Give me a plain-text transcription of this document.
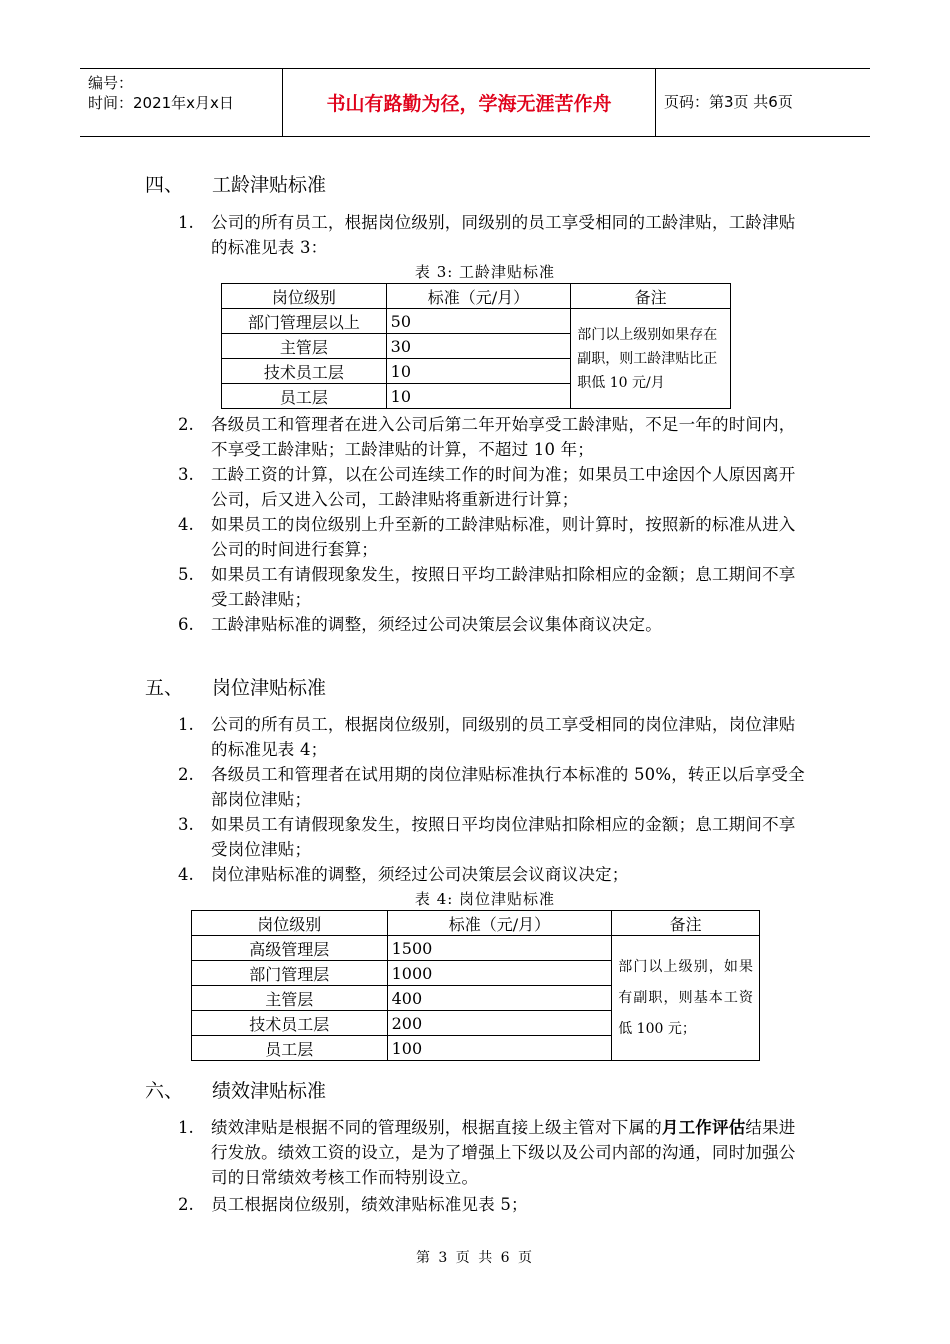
编号：
时间：2021年x月x日	书山有路勤为径，学海无涯苦作舟	页码：第3页 共6页
四、 工龄津贴标准
1. 公司的所有员工，根据岗位级别，同级别的员工享受相同的工龄津贴，工龄津贴的标准见表 3：
表 3: 工龄津贴标准
岗位级别	标准（元/月）	备注
部门管理层以上	50	部门以上级别如果存在副职，则工龄津贴比正职低 10 元/月
主管层	30	
技术员工层	10	
员工层	10	
2. 各级员工和管理者在进入公司后第二年开始享受工龄津贴，不足一年的时间内，不享受工龄津贴；工龄津贴的计算，不超过 10 年；
3. 工龄工资的计算，以在公司连续工作的时间为准；如果员工中途因个人原因离开公司，后又进入公司，工龄津贴将重新进行计算；
4. 如果员工的岗位级别上升至新的工龄津贴标准，则计算时，按照新的标准从进入公司的时间进行套算；
5. 如果员工有请假现象发生，按照日平均工龄津贴扣除相应的金额；息工期间不享受工龄津贴；
6. 工龄津贴标准的调整，须经过公司决策层会议集体商议决定。
五、 岗位津贴标准
1. 公司的所有员工，根据岗位级别，同级别的员工享受相同的岗位津贴，岗位津贴的标准见表 4；
2. 各级员工和管理者在试用期的岗位津贴标准执行本标准的 50%，转正以后享受全部岗位津贴；
3. 如果员工有请假现象发生，按照日平均岗位津贴扣除相应的金额；息工期间不享受岗位津贴；
4. 岗位津贴标准的调整，须经过公司决策层会议商议决定；
表 4: 岗位津贴标准
岗位级别	标准（元/月）	备注
高级管理层	1500	部门以上级别，如果有副职，则基本工资低 100 元；
部门管理层	1000	
主管层	400	
技术员工层	200	
员工层	100	
六、 绩效津贴标准
1. 绩效津贴是根据不同的管理级别，根据直接上级主管对下属的月工作评估结果进行发放。绩效工资的设立，是为了增强上下级以及公司内部的沟通，同时加强公司的日常绩效考核工作而特别设立。
2. 员工根据岗位级别，绩效津贴标准见表 5；
第 3 页 共 6 页
